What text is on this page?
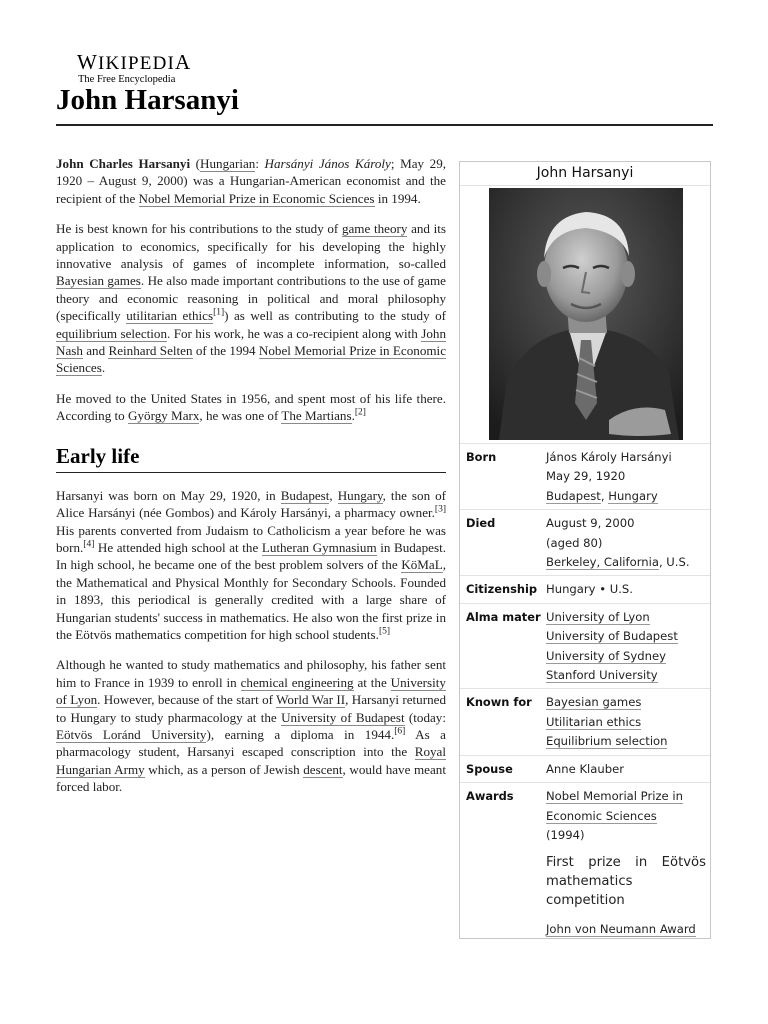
WIKIPEDIA
The Free Encyclopedia
John Harsanyi

John Charles Harsanyi (Hungarian: Harsányi János Károly; May 29, 1920 – August 9, 2000) was a Hungarian-American economist and the recipient of the Nobel Memorial Prize in Economic Sciences in 1994.

He is best known for his contributions to the study of game theory and its application to economics, specifically for his developing the highly innovative analysis of games of incomplete information, so-called Bayesian games. He also made important contributions to the use of game theory and economic reasoning in political and moral philosophy (specifically utilitarian ethics[1]) as well as contributing to the study of equilibrium selection. For his work, he was a co-recipient along with John Nash and Reinhard Selten of the 1994 Nobel Memorial Prize in Economic Sciences.

He moved to the United States in 1956, and spent most of his life there. According to György Marx, he was one of The Martians.[2]

Early life

Harsanyi was born on May 29, 1920, in Budapest, Hungary, the son of Alice Harsányi (née Gombos) and Károly Harsányi, a pharmacy owner.[3] His parents converted from Judaism to Catholicism a year before he was born.[4] He attended high school at the Lutheran Gymnasium in Budapest. In high school, he became one of the best problem solvers of the KöMaL, the Mathematical and Physical Monthly for Secondary Schools. Founded in 1893, this periodical is generally credited with a large share of Hungarian students' success in mathematics. He also won the first prize in the Eötvös mathematics competition for high school students.[5]

Although he wanted to study mathematics and philosophy, his father sent him to France in 1939 to enroll in chemical engineering at the University of Lyon. However, because of the start of World War II, Harsanyi returned to Hungary to study pharmacology at the University of Budapest (today: Eötvös Loránd University), earning a diploma in 1944.[6] As a pharmacology student, Harsanyi escaped conscription into the Royal Hungarian Army which, as a person of Jewish descent, would have meant forced labor.

John Harsanyi
Born	János Károly Harsányi
May 29, 1920
Budapest, Hungary
Died	August 9, 2000
(aged 80)
Berkeley, California, U.S.
Citizenship Hungary • U.S.
Alma mater University of Lyon
University of Budapest
University of Sydney
Stanford University
Known for	Bayesian games
Utilitarian ethics
Equilibrium selection
Spouse	Anne Klauber
Awards	Nobel Memorial Prize in Economic Sciences
(1994)
First prize in Eötvös mathematics competition
John von Neumann Award
